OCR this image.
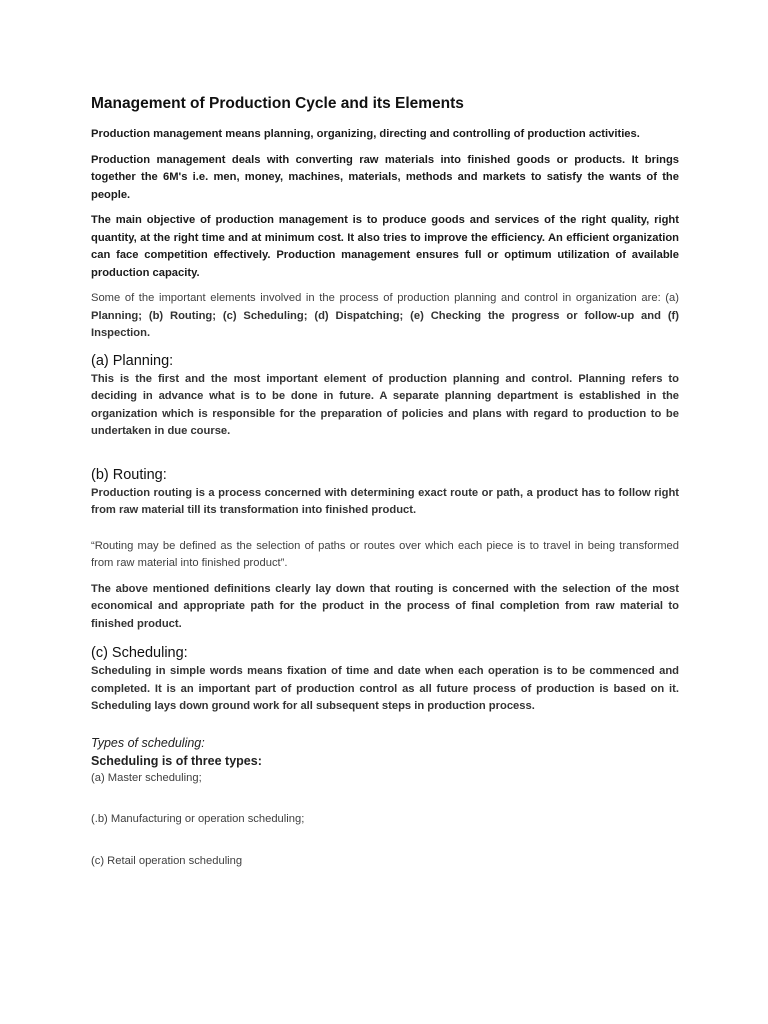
Management of Production Cycle and its Elements

Production management means planning, organizing, directing and controlling of production activities.

Production management deals with converting raw materials into finished goods or products. It brings together the 6M's i.e. men, money, machines, materials, methods and markets to satisfy the wants of the people.

The main objective of production management is to produce goods and services of the right quality, right quantity, at the right time and at minimum cost. It also tries to improve the efficiency. An efficient organization can face competition effectively. Production management ensures full or optimum utilization of available production capacity.

Some of the important elements involved in the process of production planning and control in organization are: (a) Planning; (b) Routing; (c) Scheduling; (d) Dispatching; (e) Checking the progress or follow-up and (f) Inspection.

(a) Planning:

This is the first and the most important element of production planning and control. Planning refers to deciding in advance what is to be done in future. A separate planning department is established in the organization which is responsible for the preparation of policies and plans with regard to production to be undertaken in due course.

(b) Routing:

Production routing is a process concerned with determining exact route or path, a product has to follow right from raw material till its transformation into finished product.

“Routing may be defined as the selection of paths or routes over which each piece is to travel in being transformed from raw material into finished product”.

The above mentioned definitions clearly lay down that routing is concerned with the selection of the most economical and appropriate path for the product in the process of final completion from raw material to finished product.

(c) Scheduling:

Scheduling in simple words means fixation of time and date when each operation is to be commenced and completed. It is an important part of production control as all future process of production is based on it. Scheduling lays down ground work for all subsequent steps in production process.

Types of scheduling:

Scheduling is of three types:

(a) Master scheduling;

(.b) Manufacturing or operation scheduling;

(c) Retail operation scheduling
